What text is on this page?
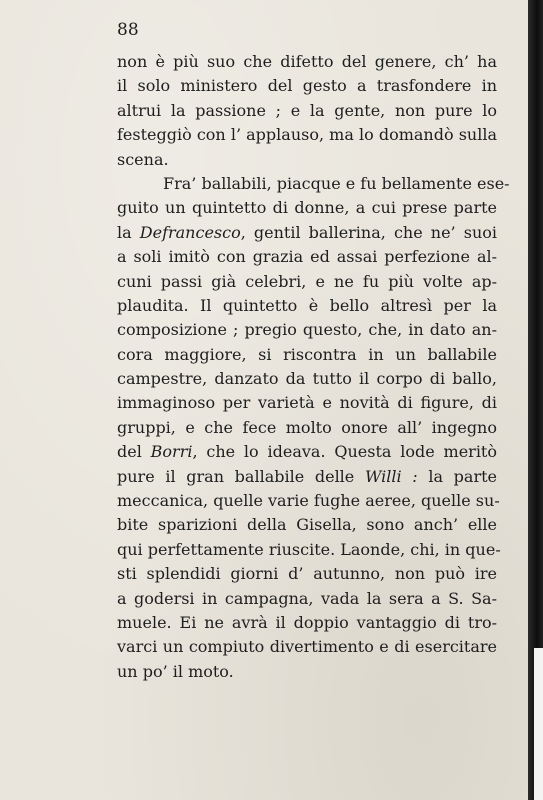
88
non è più suo che difetto del genere, ch’ ha
il solo ministero del gesto a trasfondere in
altrui la passione ; e la gente, non pure lo
festeggiò con l’ applauso, ma lo domandò sulla
scena.
Fra’ ballabili, piacque e fu bellamente ese-
guito un quintetto di donne, a cui prese parte
la Defrancesco, gentil ballerina, che ne’ suoi
a soli imitò con grazia ed assai perfezione al-
cuni passi già celebri, e ne fu più volte ap-
plaudita. Il quintetto è bello altresì per la
composizione ; pregio questo, che, in dato an-
cora maggiore, si riscontra in un ballabile
campestre, danzato da tutto il corpo di ballo,
immaginoso per varietà e novità di figure, di
gruppi, e che fece molto onore all’ ingegno
del Borri, che lo ideava. Questa lode meritò
pure il gran ballabile delle Willi : la parte
meccanica, quelle varie fughe aeree, quelle su-
bite sparizioni della Gisella, sono anch’ elle
qui perfettamente riuscite. Laonde, chi, in que-
sti splendidi giorni d’ autunno, non può ire
a godersi in campagna, vada la sera a S. Sa-
muele. Ei ne avrà il doppio vantaggio di tro-
varci un compiuto divertimento e di esercitare
un po’ il moto.
